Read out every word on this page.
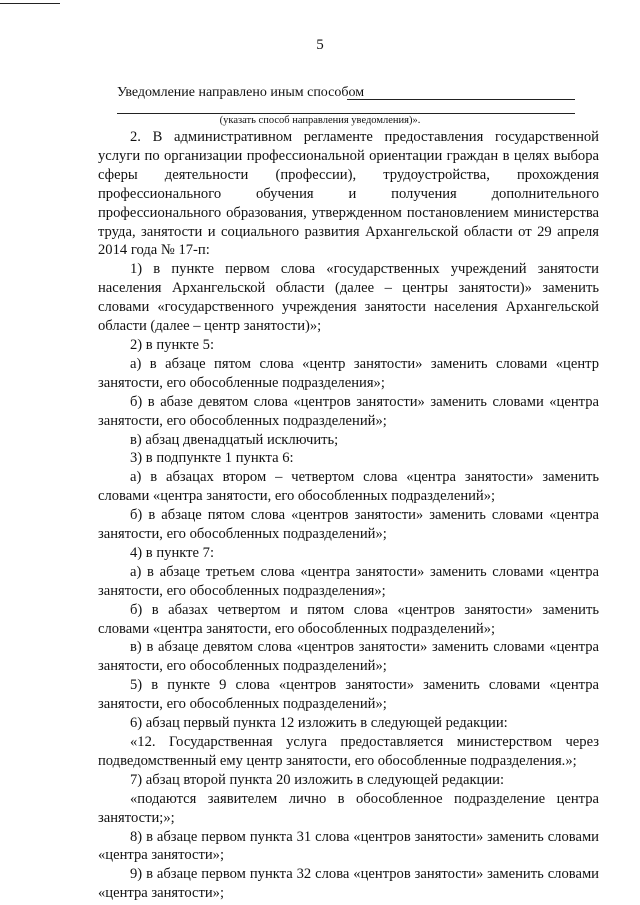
5
Уведомление направлено иным способом
(указать способ направления уведомления)».

2. В административном регламенте предоставления государственной услуги по организации профессиональной ориентации граждан в целях выбора сферы деятельности (профессии), трудоустройства, прохождения профессионального обучения и получения дополнительного профессионального образования, утвержденном постановлением министерства труда, занятости и социального развития Архангельской области от 29 апреля 2014 года № 17-п:

1) в пункте первом слова «государственных учреждений занятости населения Архангельской области (далее – центры занятости)» заменить словами «государственного учреждения занятости населения Архангельской области (далее – центр занятости)»;

2) в пункте 5:

а) в абзаце пятом слова «центр занятости» заменить словами «центр занятости, его обособленные подразделения»;

б) в абазе девятом слова «центров занятости» заменить словами «центра занятости, его обособленных подразделений»;

в) абзац двенадцатый исключить;

3) в подпункте 1 пункта 6:

а) в абзацах втором – четвертом слова «центра занятости» заменить словами «центра занятости, его обособленных подразделений»;

б) в абзаце пятом слова «центров занятости» заменить словами «центра занятости, его обособленных подразделений»;

4) в пункте 7:

а) в абзаце третьем слова «центра занятости» заменить словами «центра занятости, его обособленных подразделения»;

б) в абазах четвертом и пятом слова «центров занятости» заменить словами «центра занятости, его обособленных подразделений»;

в) в абзаце девятом слова «центров занятости» заменить словами «центра занятости, его обособленных подразделений»;

5) в пункте 9 слова «центров занятости» заменить словами «центра занятости, его обособленных подразделений»;

6) абзац первый пункта 12 изложить в следующей редакции:

«12. Государственная услуга предоставляется министерством через подведомственный ему центр занятости, его обособленные подразделения.»;

7) абзац второй пункта 20 изложить в следующей редакции:

«подаются заявителем лично в обособленное подразделение центра занятости;»;

8) в абзаце первом пункта 31 слова «центров занятости» заменить словами «центра занятости»;

9) в абзаце первом пункта 32 слова «центров занятости» заменить словами «центра занятости»;
